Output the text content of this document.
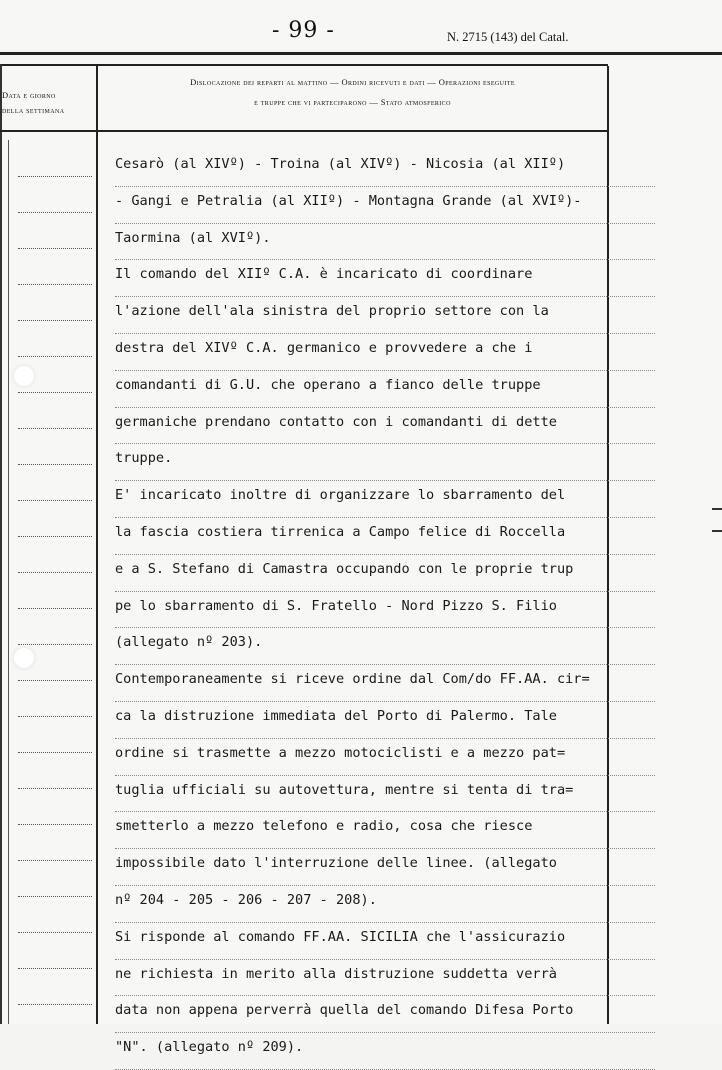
- 99 -	N. 2715 (143) del Catal.
Data e giorno
della settimana
Dislocazione dei reparti al mattino — Ordini ricevuti e dati — Operazioni eseguite
e truppe che vi parteciparono — Stato atmosferico
Cesarò (al XIVº) - Troina (al XIVº) - Nicosia (al XIIº)
- Gangi e Petralia (al XIIº) - Montagna Grande (al XVIº)-
Taormina (al XVIº).
Il comando del XIIº C.A. è incaricato di coordinare
l'azione dell'ala sinistra del proprio settore con la
destra del XIVº C.A. germanico e provvedere a che i
comandanti di G.U. che operano a fianco delle truppe
germaniche prendano contatto con i comandanti di dette
truppe.
E' incaricato inoltre di organizzare lo sbarramento del
la fascia costiera tirrenica a Campo felice di Roccella
e a S. Stefano di Camastra occupando con le proprie trup
pe lo sbarramento di S. Fratello - Nord Pizzo S. Filio
(allegato nº 203).
Contemporaneamente si riceve ordine dal Com/do FF.AA. cir=
ca la distruzione immediata del Porto di Palermo. Tale
ordine si trasmette a mezzo motociclisti e a mezzo pat=
tuglia ufficiali su autovettura, mentre si tenta di tra=
smetterlo a mezzo telefono e radio, cosa che riesce
impossibile dato l'interruzione delle linee. (allegato
nº 204 - 205 - 206 - 207 - 208).
Si risponde al comando FF.AA. SICILIA che l'assicurazio
ne richiesta in merito alla distruzione suddetta verrà
data non appena perverrà quella del comando Difesa Porto
"N". (allegato nº 209).
